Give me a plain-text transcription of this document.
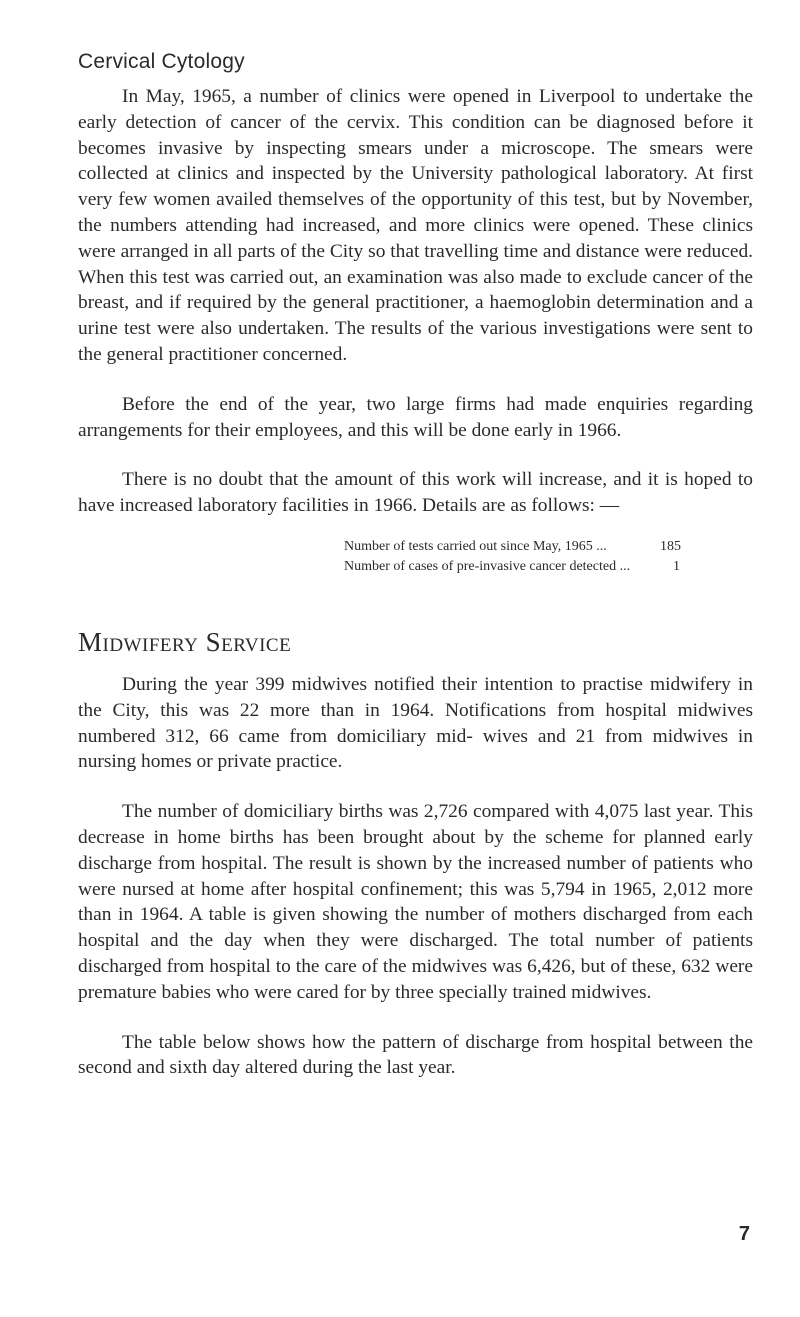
Cervical Cytology

In May, 1965, a number of clinics were opened in Liverpool to undertake the early detection of cancer of the cervix. This condition can be diagnosed before it becomes invasive by inspecting smears under a microscope. The smears were collected at clinics and inspected by the University pathological laboratory. At first very few women availed themselves of the opportunity of this test, but by November, the numbers attending had increased, and more clinics were opened. These clinics were arranged in all parts of the City so that travelling time and distance were reduced. When this test was carried out, an examination was also made to exclude cancer of the breast, and if required by the general practitioner, a haemoglobin determination and a urine test were also undertaken. The results of the various investigations were sent to the general practitioner concerned.

Before the end of the year, two large firms had made enquiries regarding arrangements for their employees, and this will be done early in 1966.

There is no doubt that the amount of this work will increase, and it is hoped to have increased laboratory facilities in 1966. Details are as follows: —

Number of tests carried out since May, 1965 ...	185
Number of cases of pre-invasive cancer detected ...	1
Midwifery Service

During the year 399 midwives notified their intention to practise midwifery in the City, this was 22 more than in 1964. Notifications from hospital midwives numbered 312, 66 came from domiciliary mid- wives and 21 from midwives in nursing homes or private practice.

The number of domiciliary births was 2,726 compared with 4,075 last year. This decrease in home births has been brought about by the scheme for planned early discharge from hospital. The result is shown by the increased number of patients who were nursed at home after hospital confinement; this was 5,794 in 1965, 2,012 more than in 1964. A table is given showing the number of mothers discharged from each hospital and the day when they were discharged. The total number of patients discharged from hospital to the care of the midwives was 6,426, but of these, 632 were premature babies who were cared for by three specially trained midwives.

The table below shows how the pattern of discharge from hospital between the second and sixth day altered during the last year.

7
